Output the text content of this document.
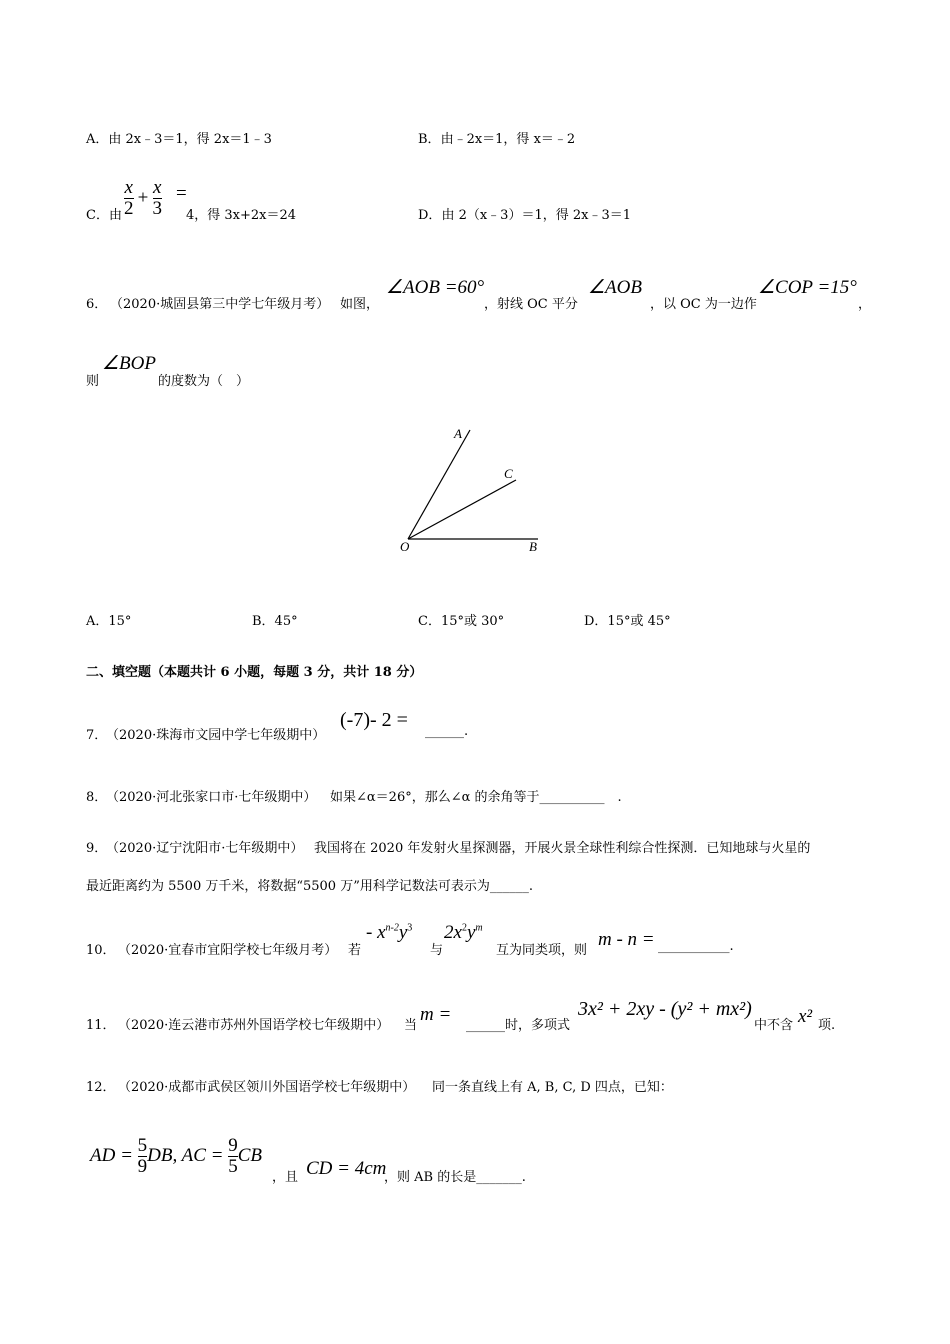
A．由 2x﹣3＝1，得 2x＝1﹣3	B．由﹣2x＝1，得 x＝﹣2
C．由 $\frac{x}{2} + \frac{x}{3}$ =
4，得 3x+2x＝24	D．由 2（x﹣3）＝1，得 2x﹣3＝1
6． （2020·城固县第三中学七年级月考） 如图，
∠AOB =60°
，射线 OC 平分
∠AOB
，以 OC 为一边作
∠COP =15°
，
则
∠BOP
的度数为（　）
A
C
O	B
A．15°	B．45°	C．15°或 30°	D．15°或 45°
二、填空题（本题共计 6 小题，每题 3 分，共计 18 分）
7．
（2020·珠海市文园中学七年级期中）
(-7)- 2 =
______.
8．
（2020·河北张家口市·七年级期中） 如果∠α＝26°，那么∠α 的余角等于__________　.
9．
（2020·辽宁沈阳市·七年级期中） 我国将在 2020 年发射火星探测器，开展火景全球性利综合性探测．已知地球与火星的
最近距离约为 5500 万千米，将数据“5500 万”用科学记数法可表示为______.
10． （2020·宜春市宜阳学校七年级月考） 若
- $x^{n-2}y^3$
与
$2x^2y^m$
互为同类项，则
m - n = ___________.
11． （2020·连云港市苏州外国语学校七年级期中） 当
m =
______时，多项式
3x² + 2xy - (y² + mx²)
中不含 x² 项.
12． （2020·成都市武侯区领川外国语学校七年级期中） 同一条直线上有 A, B, C, D 四点，已知：
AD = $\frac{5}{9}$ DB, AC = $\frac{9}{5}$ CB
，且 CD = 4cm
，则 AB 的长是_______.
